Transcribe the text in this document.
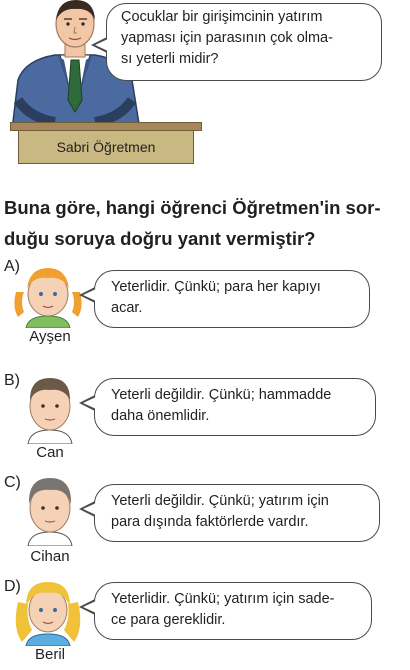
Sabri Öğretmen

Çocuklar bir girişimcinin yatırım

yapması için parasının çok olma-

sı yeterli midir?

Buna göre, hangi öğrenci Öğretmen'in sor-
duğu soruya doğru yanıt vermiştir?
A)
Ayşen

Yeterlidir. Çünkü; para her kapıyı

acar.

B)
Can

Yeterli değildir. Çünkü; hammadde

daha önemlidir.

C)
Cihan

Yeterli değildir. Çünkü; yatırım için

para dışında faktörlerde vardır.

D)
Beril

Yeterlidir. Çünkü; yatırım için sade-

ce para gereklidir.
